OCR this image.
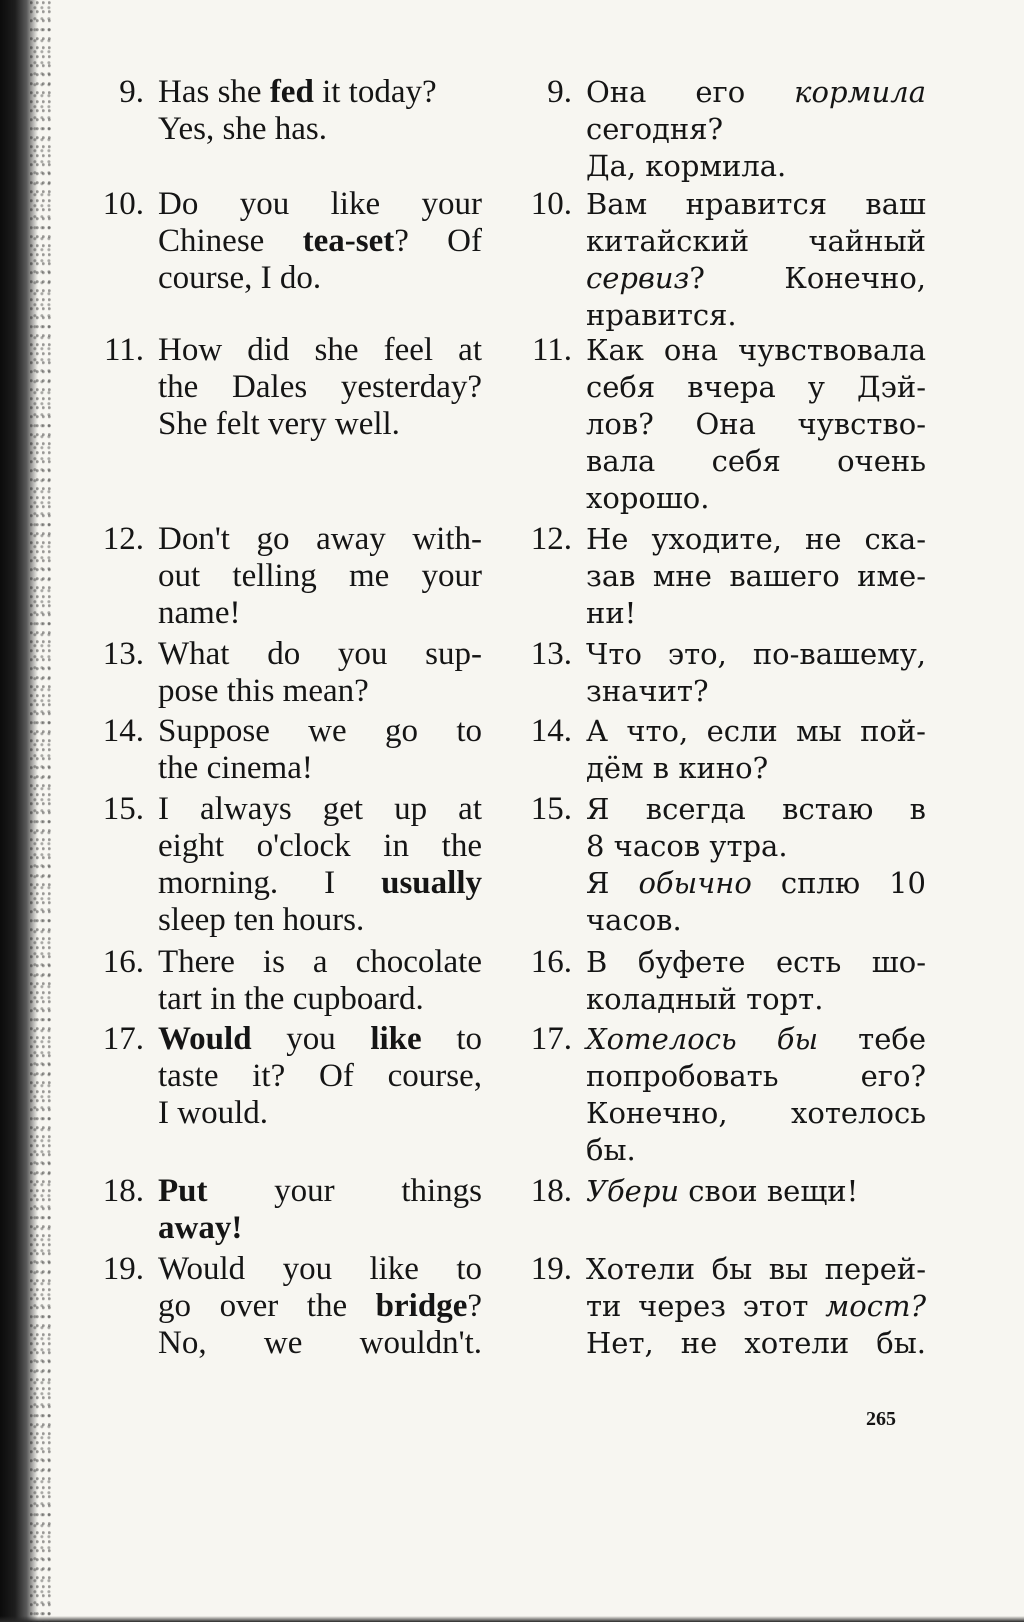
9. Has she fed it today?
Yes, she has.
9. Она его кормила
сегодня?
Да, кормила.
10. Do you like your
Chinese tea-set? Of
course, I do.
10. Вам нравится ваш
китайский чайный
сервиз? Конечно,
нравится.
11. How did she feel at
the Dales yesterday?
She felt very well.
11. Как она чувствовала
себя вчера у Дэй-
лов? Она чувство-
вала себя очень
хорошо.
12. Don't go away with-
out telling me your
name!
12. Не уходите, не ска-
зав мне вашего име-
ни!
13. What do you sup-
pose this mean?
13. Что это, по-вашему,
значит?
14. Suppose we go to
the cinema!
14. А что, если мы пой-
дём в кино?
15. I always get up at
eight o'clock in the
morning. I usually
sleep ten hours.
15. Я всегда встаю в
8 часов утра.
Я обычно сплю 10
часов.
16. There is a chocolate
tart in the cupboard.
16. В буфете есть шо-
коладный торт.
17. Would you like to
taste it? Of course,
I would.
17. Хотелось бы тебе
попробовать его?
Конечно, хотелось
бы.
18. Put your things
away!
18. Убери свои вещи!
19. Would you like to
go over the bridge?
No, we wouldn't.
19. Хотели бы вы перей-
ти через этот мост?
Нет, не хотели бы.
265
